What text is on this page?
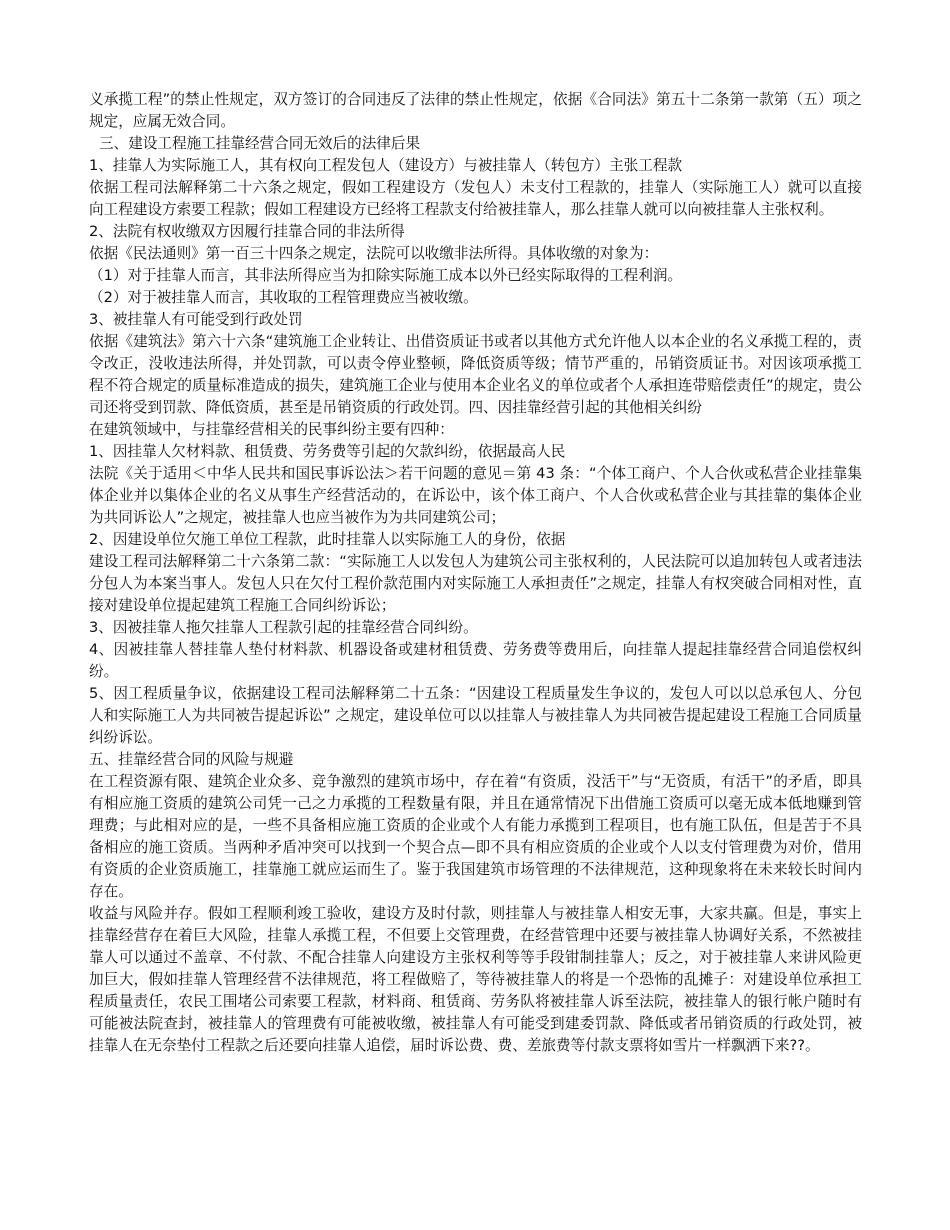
义承揽工程”的禁止性规定，双方签订的合同违反了法律的禁止性规定，依据《合同法》第五十二条第一款第（五）项之规定，应属无效合同。

三、建设工程施工挂靠经营合同无效后的法律后果

1、挂靠人为实际施工人，其有权向工程发包人（建设方）与被挂靠人（转包方）主张工程款

依据工程司法解释第二十六条之规定，假如工程建设方（发包人）未支付工程款的，挂靠人（实际施工人）就可以直接向工程建设方索要工程款；假如工程建设方已经将工程款支付给被挂靠人，那么挂靠人就可以向被挂靠人主张权利。

2、法院有权收缴双方因履行挂靠合同的非法所得

依据《民法通则》第一百三十四条之规定，法院可以收缴非法所得。具体收缴的对象为：

（1）对于挂靠人而言，其非法所得应当为扣除实际施工成本以外已经实际取得的工程利润。

（2）对于被挂靠人而言，其收取的工程管理费应当被收缴。

3、被挂靠人有可能受到行政处罚

依据《建筑法》第六十六条“建筑施工企业转让、出借资质证书或者以其他方式允许他人以本企业的名义承揽工程的，责令改正，没收违法所得，并处罚款，可以责令停业整顿，降低资质等级；情节严重的，吊销资质证书。对因该项承揽工程不符合规定的质量标准造成的损失，建筑施工企业与使用本企业名义的单位或者个人承担连带赔偿责任”的规定，贵公司还将受到罚款、降低资质，甚至是吊销资质的行政处罚。四、因挂靠经营引起的其他相关纠纷

在建筑领域中，与挂靠经营相关的民事纠纷主要有四种：

1、因挂靠人欠材料款、租赁费、劳务费等引起的欠款纠纷，依据最高人民

法院《关于适用＜中华人民共和国民事诉讼法＞若干问题的意见＝第 43 条：“个体工商户、个人合伙或私营企业挂靠集体企业并以集体企业的名义从事生产经营活动的，在诉讼中，该个体工商户、个人合伙或私营企业与其挂靠的集体企业为共同诉讼人”之规定，被挂靠人也应当被作为为共同建筑公司；

2、因建设单位欠施工单位工程款，此时挂靠人以实际施工人的身份，依据

建设工程司法解释第二十六条第二款：“实际施工人以发包人为建筑公司主张权利的，人民法院可以追加转包人或者违法分包人为本案当事人。发包人只在欠付工程价款范围内对实际施工人承担责任”之规定，挂靠人有权突破合同相对性，直接对建设单位提起建筑工程施工合同纠纷诉讼；

3、因被挂靠人拖欠挂靠人工程款引起的挂靠经营合同纠纷。

4、因被挂靠人替挂靠人垫付材料款、机器设备或建材租赁费、劳务费等费用后，向挂靠人提起挂靠经营合同追偿权纠纷。

5、因工程质量争议，依据建设工程司法解释第二十五条：“因建设工程质量发生争议的，发包人可以以总承包人、分包人和实际施工人为共同被告提起诉讼” 之规定，建设单位可以以挂靠人与被挂靠人为共同被告提起建设工程施工合同质量纠纷诉讼。

五、挂靠经营合同的风险与规避

在工程资源有限、建筑企业众多、竞争激烈的建筑市场中，存在着“有资质，没活干”与“无资质，有活干”的矛盾，即具有相应施工资质的建筑公司凭一己之力承揽的工程数量有限，并且在通常情况下出借施工资质可以毫无成本低地赚到管理费；与此相对应的是，一些不具备相应施工资质的企业或个人有能力承揽到工程项目，也有施工队伍，但是苦于不具备相应的施工资质。当两种矛盾冲突可以找到一个契合点—即不具有相应资质的企业或个人以支付管理费为对价，借用有资质的企业资质施工，挂靠施工就应运而生了。鉴于我国建筑市场管理的不法律规范，这种现象将在未来较长时间内存在。

收益与风险并存。假如工程顺利竣工验收，建设方及时付款，则挂靠人与被挂靠人相安无事，大家共赢。但是，事实上挂靠经营存在着巨大风险，挂靠人承揽工程，不但要上交管理费，在经营管理中还要与被挂靠人协调好关系，不然被挂靠人可以通过不盖章、不付款、不配合挂靠人向建设方主张权利等等手段钳制挂靠人；反之，对于被挂靠人来讲风险更加巨大，假如挂靠人管理经营不法律规范，将工程做赔了，等待被挂靠人的将是一个恐怖的乱摊子：对建设单位承担工程质量责任，农民工围堵公司索要工程款，材料商、租赁商、劳务队将被挂靠人诉至法院，被挂靠人的银行帐户随时有可能被法院查封，被挂靠人的管理费有可能被收缴，被挂靠人有可能受到建委罚款、降低或者吊销资质的行政处罚，被挂靠人在无奈垫付工程款之后还要向挂靠人追偿，届时诉讼费、费、差旅费等付款支票将如雪片一样飘洒下来??。
